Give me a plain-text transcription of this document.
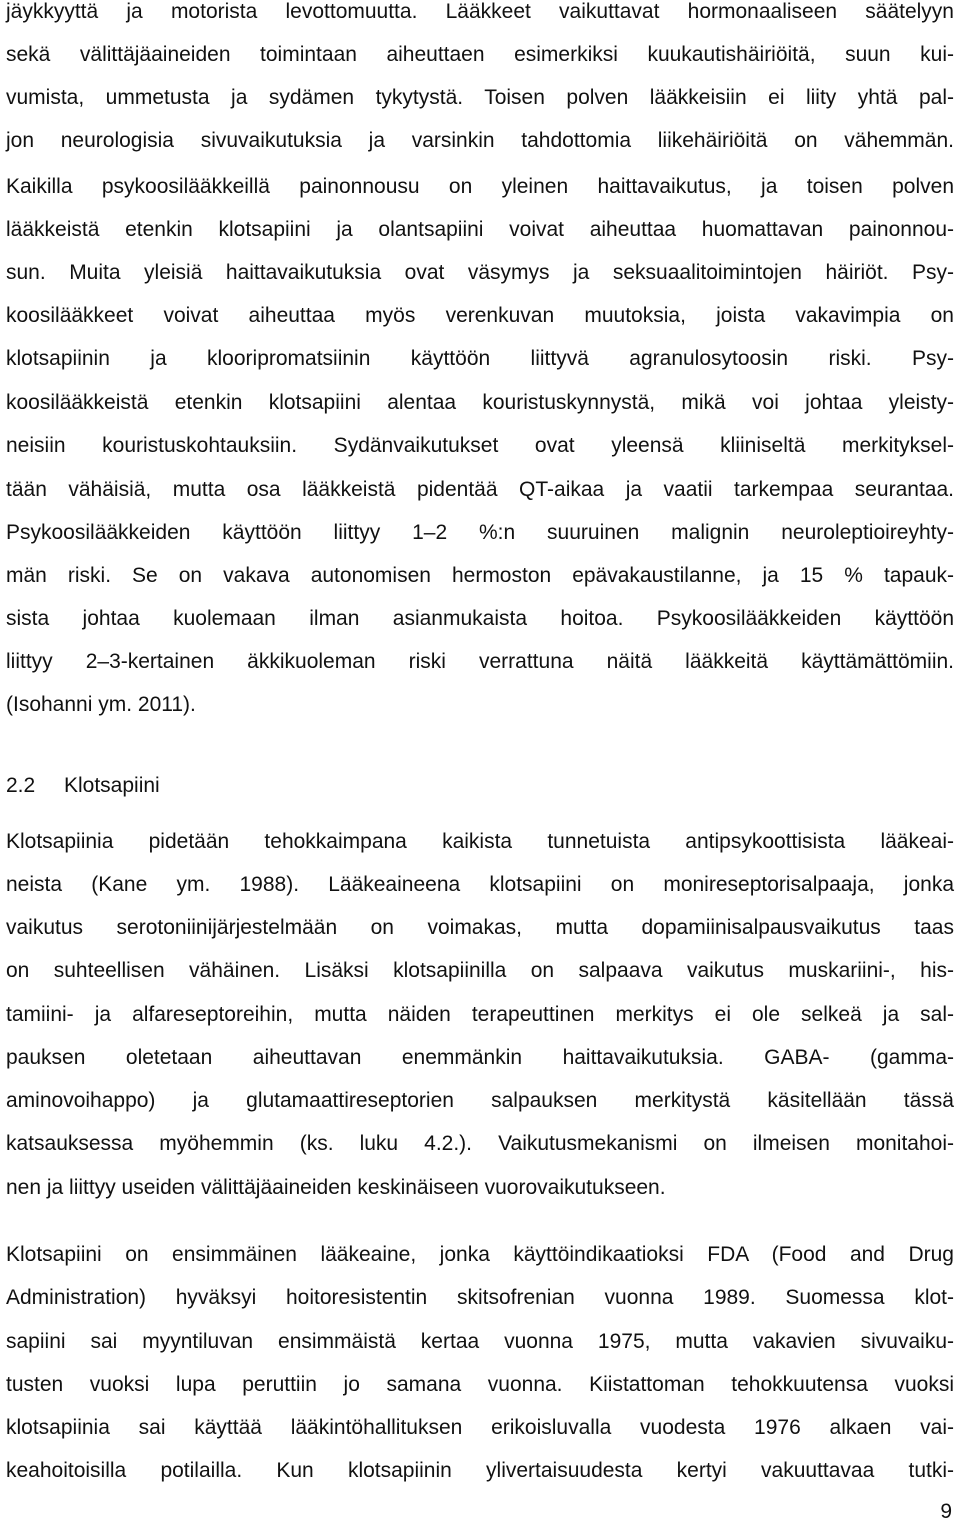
jäykkyyttä ja motorista levottomuutta. Lääkkeet vaikuttavat hormonaaliseen säätelyyn
sekä välittäjäaineiden toimintaan aiheuttaen esimerkiksi kuukautishäiriöitä, suun kui-
vumista, ummetusta ja sydämen tykytystä. Toisen polven lääkkeisiin ei liity yhtä pal-
jon neurologisia sivuvaikutuksia ja varsinkin tahdottomia liikehäiriöitä on vähemmän.
Kaikilla psykoosilääkkeillä painonnousu on yleinen haittavaikutus, ja toisen polven
lääkkeistä etenkin klotsapiini ja olantsapiini voivat aiheuttaa huomattavan painonnou-
sun. Muita yleisiä haittavaikutuksia ovat väsymys ja seksuaalitoimintojen häiriöt. Psy-
koosilääkkeet voivat aiheuttaa myös verenkuvan muutoksia, joista vakavimpia on
klotsapiinin ja klooripromatsiinin käyttöön liittyvä agranulosytoosin riski. Psy-
koosilääkkeistä etenkin klotsapiini alentaa kouristuskynnystä, mikä voi johtaa yleisty-
neisiin kouristuskohtauksiin. Sydänvaikutukset ovat yleensä kliiniseltä merkityksel-
tään vähäisiä, mutta osa lääkkeistä pidentää QT-aikaa ja vaatii tarkempaa seurantaa.
Psykoosilääkkeiden käyttöön liittyy 1–2 %:n suuruinen malignin neuroleptioireyhty-
män riski. Se on vakava autonomisen hermoston epävakaustilanne, ja 15 % tapauk-
sista johtaa kuolemaan ilman asianmukaista hoitoa. Psykoosilääkkeiden käyttöön
liittyy 2–3-kertainen äkkikuoleman riski verrattuna näitä lääkkeitä käyttämättömiin.
(Isohanni ym. 2011).
2.2 Klotsapiini
Klotsapiinia pidetään tehokkaimpana kaikista tunnetuista antipsykoottisista lääkeai-
neista (Kane ym. 1988). Lääkeaineena klotsapiini on monireseptorisalpaaja, jonka
vaikutus serotoniinijärjestelmään on voimakas, mutta dopamiinisalpausvaikutus taas
on suhteellisen vähäinen. Lisäksi klotsapiinilla on salpaava vaikutus muskariini-, his-
tamiini- ja alfareseptoreihin, mutta näiden terapeuttinen merkitys ei ole selkeä ja sal-
pauksen oletetaan aiheuttavan enemmänkin haittavaikutuksia. GABA- (gamma-
aminovoihappo) ja glutamaattireseptorien salpauksen merkitystä käsitellään tässä
katsauksessa myöhemmin (ks. luku 4.2.). Vaikutusmekanismi on ilmeisen monitahoi-
nen ja liittyy useiden välittäjäaineiden keskinäiseen vuorovaikutukseen.
Klotsapiini on ensimmäinen lääkeaine, jonka käyttöindikaatioksi FDA (Food and Drug
Administration) hyväksyi hoitoresistentin skitsofrenian vuonna 1989. Suomessa klot-
sapiini sai myyntiluvan ensimmäistä kertaa vuonna 1975, mutta vakavien sivuvaiku-
tusten vuoksi lupa peruttiin jo samana vuonna. Kiistattoman tehokkuutensa vuoksi
klotsapiinia sai käyttää lääkintöhallituksen erikoisluvalla vuodesta 1976 alkaen vai-
keahoitoisilla potilailla. Kun klotsapiinin ylivertaisuudesta kertyi vakuuttavaa tutki-
9
